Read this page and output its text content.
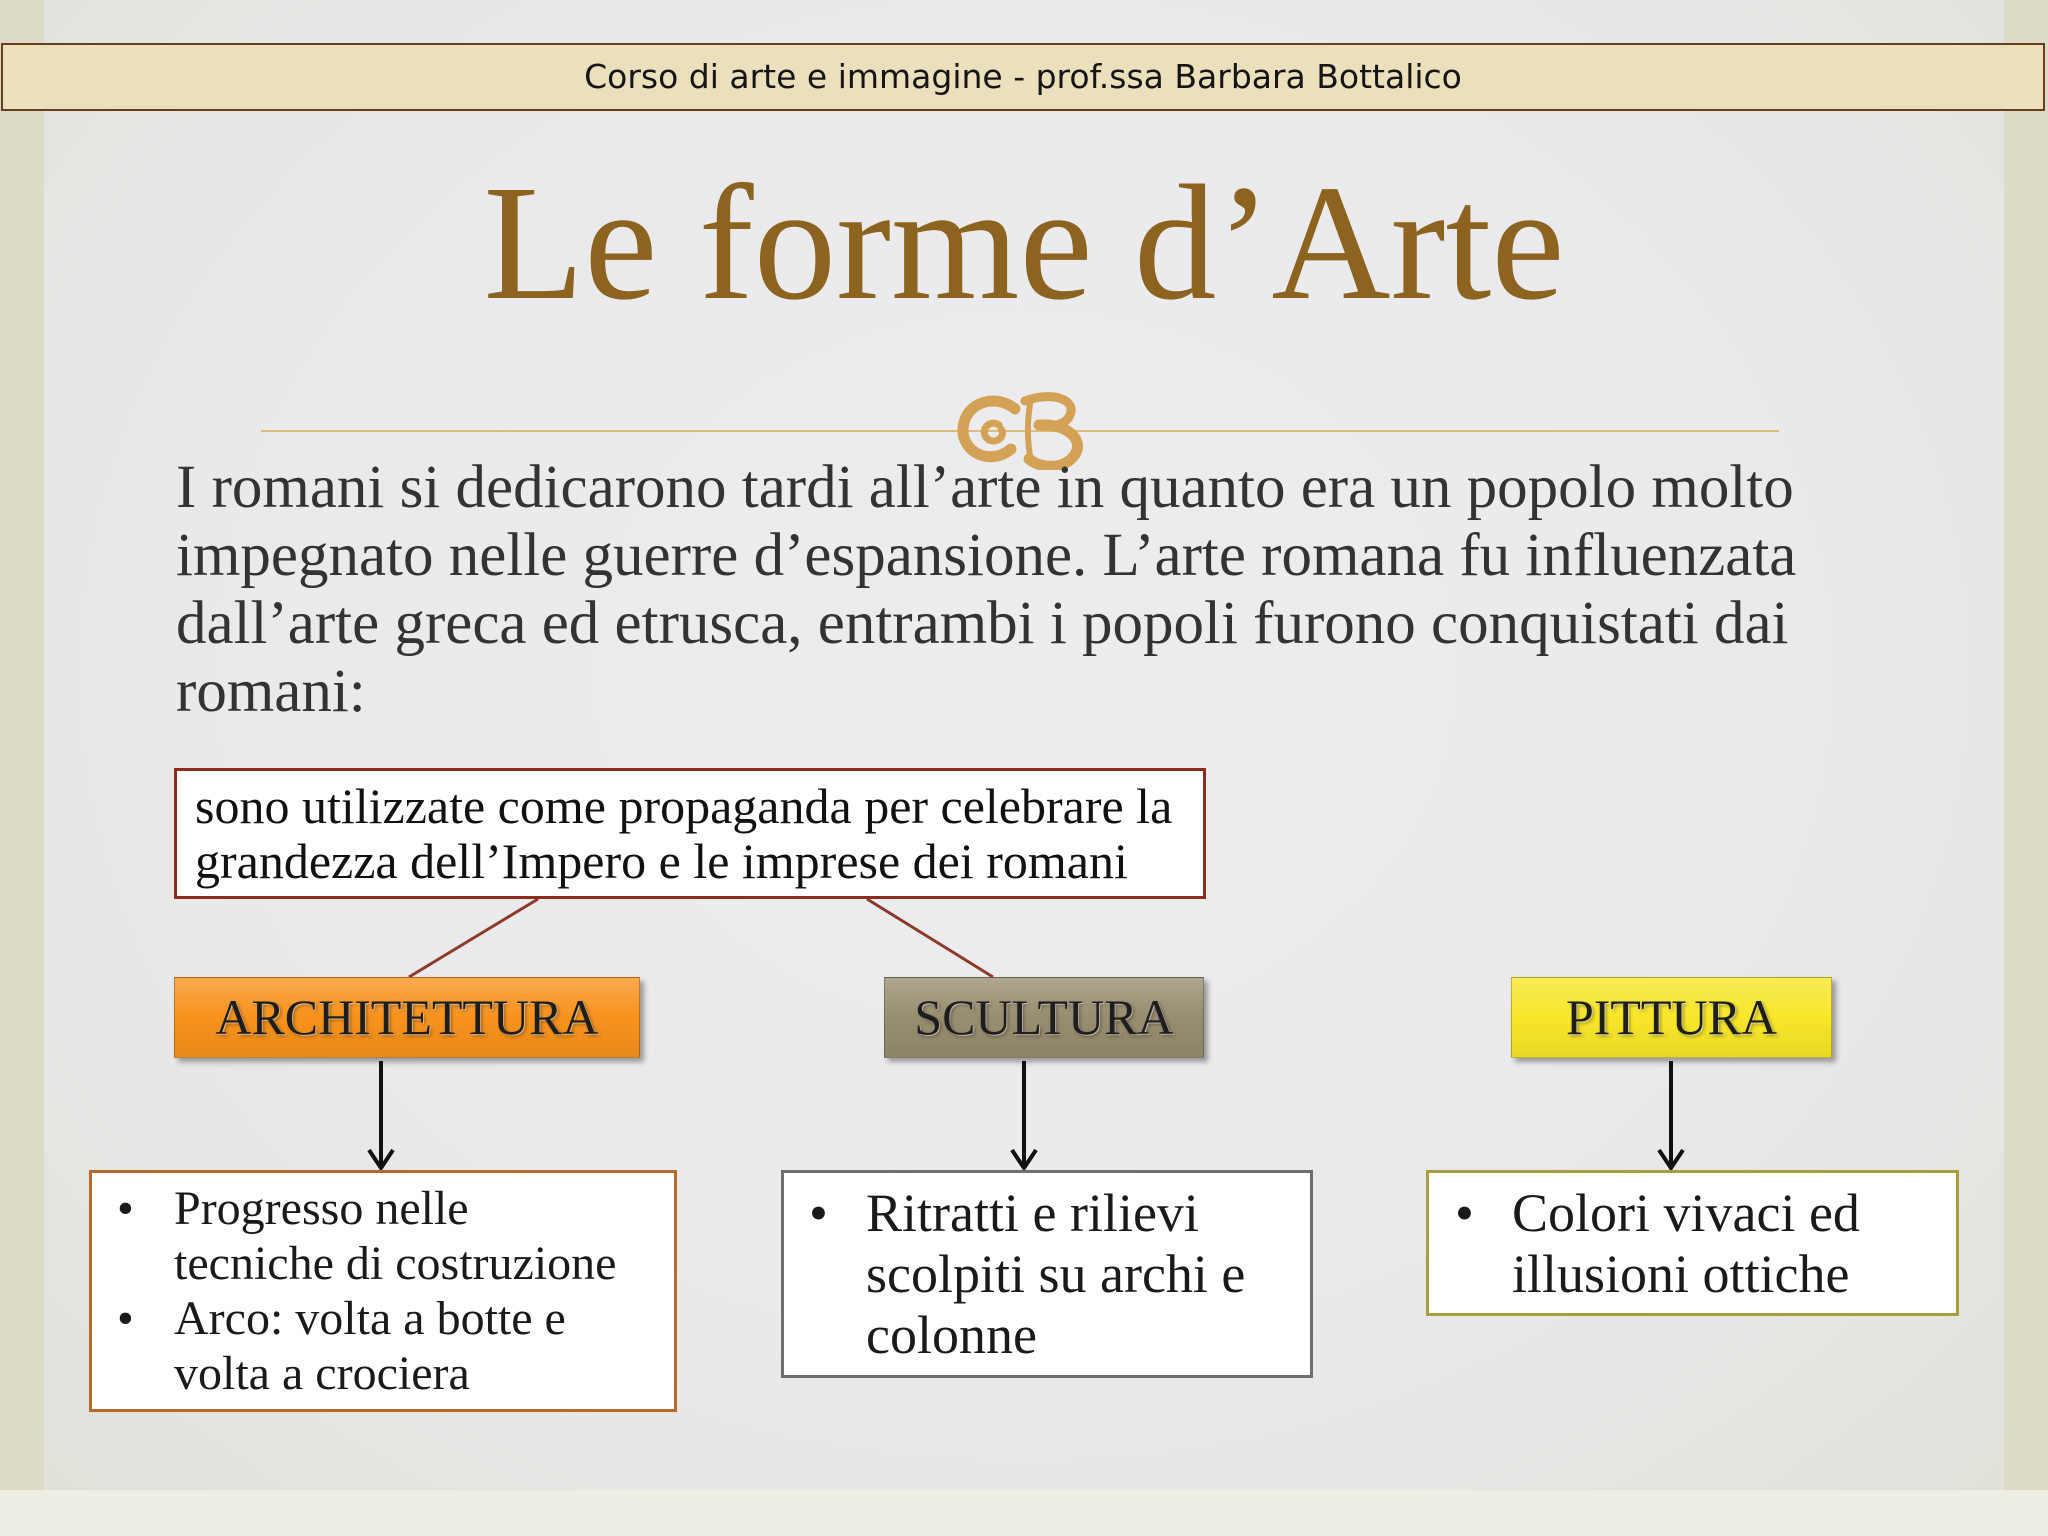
Corso di arte e immagine - prof.ssa Barbara Bottalico
Le forme d’Arte
I romani si dedicarono tardi all’arte in quanto era un popolo molto
impegnato nelle guerre d’espansione. L’arte romana fu influenzata
dall’arte greca ed etrusca, entrambi i popoli furono conquistati dai
romani:
sono utilizzate come propaganda per celebrare la
grandezza dell’Impero e le imprese dei romani
ARCHITETTURA	SCULTURA	PITTURA
• Progresso nelle
tecniche di costruzione
• Arco: volta a botte e
volta a crociera
• Ritratti e rilievi
scolpiti su archi e
colonne
• Colori vivaci ed
illusioni ottiche
